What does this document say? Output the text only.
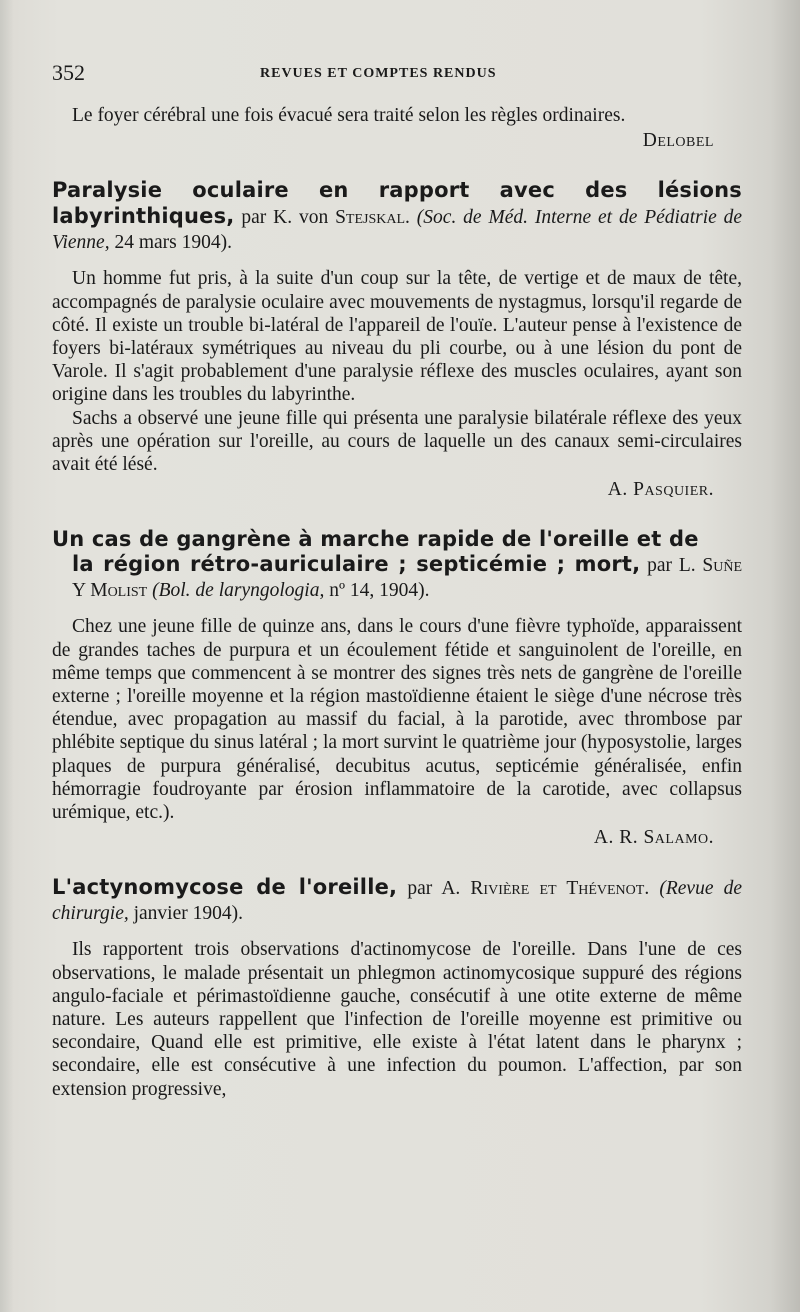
352	REVUES ET COMPTES RENDUS

Le foyer cérébral une fois évacué sera traité selon les règles ordinaires.

Delobel

Paralysie oculaire en rapport avec des lésions labyrinthiques, par K. von Stejskal. (Soc. de Méd. Interne et de Pédiatrie de Vienne, 24 mars 1904).

Un homme fut pris, à la suite d'un coup sur la tête, de vertige et de maux de tête, accompagnés de paralysie oculaire avec mouvements de nystagmus, lorsqu'il regarde de côté. Il existe un trouble bi-latéral de l'appareil de l'ouïe. L'auteur pense à l'existence de foyers bi-latéraux symétriques au niveau du pli courbe, ou à une lésion du pont de Varole. Il s'agit probablement d'une paralysie réflexe des muscles oculaires, ayant son origine dans les troubles du labyrinthe.

Sachs a observé une jeune fille qui présenta une paralysie bilatérale réflexe des yeux après une opération sur l'oreille, au cours de laquelle un des canaux semi-circulaires avait été lésé.

A. Pasquier.

Un cas de gangrène à marche rapide de l'oreille et de
la région rétro-auriculaire ; septicémie ; mort, par L. Suñe Y Molist (Bol. de laryngologia, nº 14, 1904).

Chez une jeune fille de quinze ans, dans le cours d'une fièvre typhoïde, apparaissent de grandes taches de purpura et un écoulement fétide et sanguinolent de l'oreille, en même temps que commencent à se montrer des signes très nets de gangrène de l'oreille externe ; l'oreille moyenne et la région mastoïdienne étaient le siège d'une nécrose très étendue, avec propagation au massif du facial, à la parotide, avec thrombose par phlébite septique du sinus latéral ; la mort survint le quatrième jour (hyposystolie, larges plaques de purpura généralisé, decubitus acutus, septicémie généralisée, enfin hémorragie foudroyante par érosion inflammatoire de la carotide, avec collapsus urémique, etc.).

A. R. Salamo.

L'actynomycose de l'oreille, par A. Rivière et Thévenot. (Revue de chirurgie, janvier 1904).

Ils rapportent trois observations d'actinomycose de l'oreille. Dans l'une de ces observations, le malade présentait un phlegmon actinomycosique suppuré des régions angulo-faciale et périmastoïdienne gauche, consécutif à une otite externe de même nature. Les auteurs rappellent que l'infection de l'oreille moyenne est primitive ou secondaire, Quand elle est primitive, elle existe à l'état latent dans le pharynx ; secondaire, elle est consécutive à une infection du poumon. L'affection, par son extension progressive,
